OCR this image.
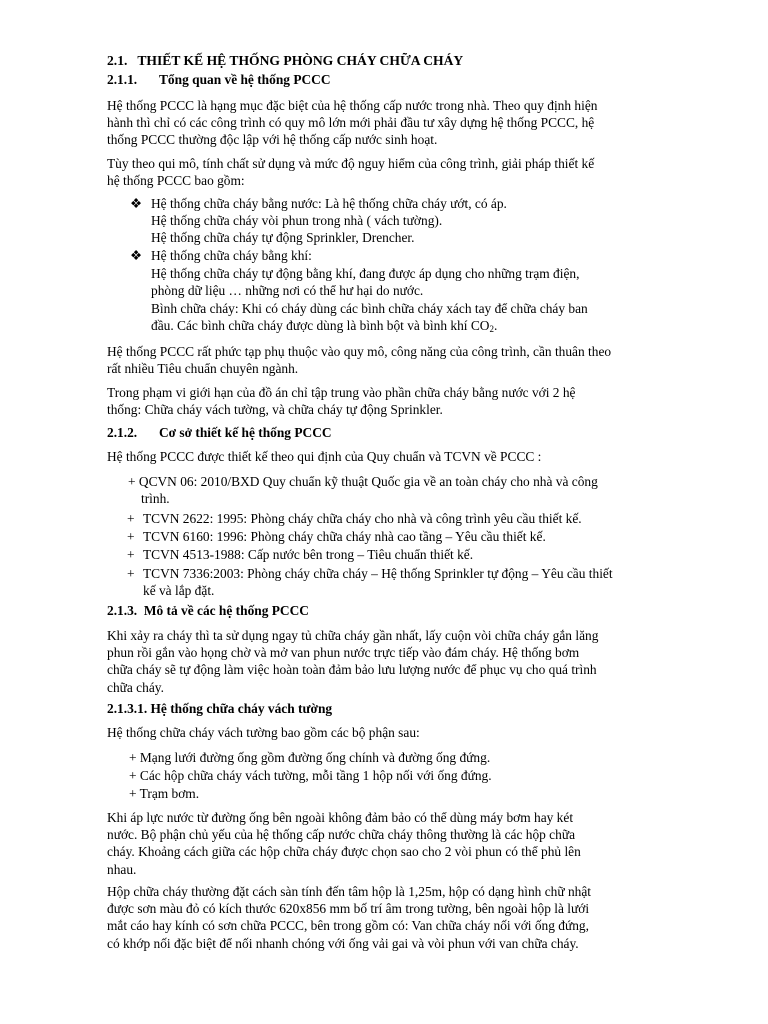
2.1.   THIẾT KẾ HỆ THỐNG PHÒNG CHÁY CHỮA CHÁY
2.1.1. Tổng quan về hệ thống PCCC
Hệ thống PCCC là hạng mục đặc biệt của hệ thống cấp nước trong nhà. Theo quy định hiện
hành thì chỉ có các công trình có quy mô lớn mới phải đầu tư xây dựng hệ thống PCCC, hệ
thống PCCC thường độc lập với hệ thống cấp nước sinh hoạt.
Tùy theo qui mô, tính chất sử dụng và mức độ nguy hiểm của công trình, giải pháp thiết kế
hệ thống PCCC bao gồm:
❖ Hệ thống chữa cháy bằng nước: Là hệ thống chữa cháy ướt, có áp.
Hệ thống chữa cháy vòi phun trong nhà ( vách tường).
Hệ thống chữa cháy tự động Sprinkler, Drencher.
❖ Hệ thống chữa cháy bằng khí:
Hệ thống chữa cháy tự động bằng khí, đang được áp dụng cho những trạm điện,
phòng dữ liệu … những nơi có thể hư hại do nước.
Bình chữa cháy: Khi có cháy dùng các bình chữa cháy xách tay để chữa cháy ban
đầu. Các bình chữa cháy được dùng là bình bột và bình khí $CO_2$.
Hệ thống PCCC rất phức tạp phụ thuộc vào quy mô, công năng của công trình, cần thuân theo
rất nhiều Tiêu chuẩn chuyên ngành.
Trong phạm vi giới hạn của đồ án chỉ tập trung vào phần chữa cháy bằng nước với 2 hệ
thống: Chữa cháy vách tường, và chữa cháy tự động Sprinkler.
2.1.2. Cơ sở thiết kế hệ thống PCCC
Hệ thống PCCC được thiết kế theo qui định của Quy chuẩn và TCVN về PCCC :
+ QCVN 06: 2010/BXD Quy chuẩn kỹ thuật Quốc gia về an toàn cháy cho nhà và công
trình.
+ TCVN 2622: 1995: Phòng cháy chữa cháy cho nhà và công trình yêu cầu thiết kế.
+ TCVN 6160: 1996: Phòng cháy chữa cháy nhà cao tầng – Yêu cầu thiết kế.
+ TCVN 4513-1988: Cấp nước bên trong – Tiêu chuẩn thiết kế.
+ TCVN 7336:2003: Phòng cháy chữa cháy – Hệ thống Sprinkler tự động – Yêu cầu thiết
kế và lắp đặt.
2.1.3.  Mô tả về các hệ thống PCCC
Khi xảy ra cháy thì ta sử dụng ngay tủ chữa cháy gần nhất, lấy cuộn vòi chữa cháy gắn lăng
phun rồi gắn vào họng chờ và mở van phun nước trực tiếp vào đám cháy. Hệ thống bơm
chữa cháy sẽ tự động làm việc hoàn toàn đảm bảo lưu lượng nước để phục vụ cho quá trình
chữa cháy.
2.1.3.1. Hệ thống chữa cháy vách tường
Hệ thống chữa cháy vách tường bao gồm các bộ phận sau:
+ Mạng lưới đường ống gồm đường ống chính và đường ống đứng.
+ Các hộp chữa cháy vách tường, mỗi tầng 1 hộp nối với ống đứng.
+ Trạm bơm.
Khi áp lực nước từ đường ống bên ngoài không đảm bảo có thể dùng máy bơm hay két
nước. Bộ phận chủ yếu của hệ thống cấp nước chữa cháy thông thường là các hộp chữa
cháy. Khoảng cách giữa các hộp chữa cháy được chọn sao cho 2 vòi phun có thể phủ lên
nhau.
Hộp chữa cháy thường đặt cách sàn tính đến tâm hộp là 1,25m, hộp có dạng hình chữ nhật
được sơn màu đỏ có kích thước 620x856 mm bố trí âm trong tường, bên ngoài hộp là lưới
mắt cáo hay kính có sơn chữa PCCC, bên trong gồm có: Van chữa cháy nối với ống đứng,
có khớp nối đặc biệt để nối nhanh chóng với ống vải gai và vòi phun với van chữa cháy.
